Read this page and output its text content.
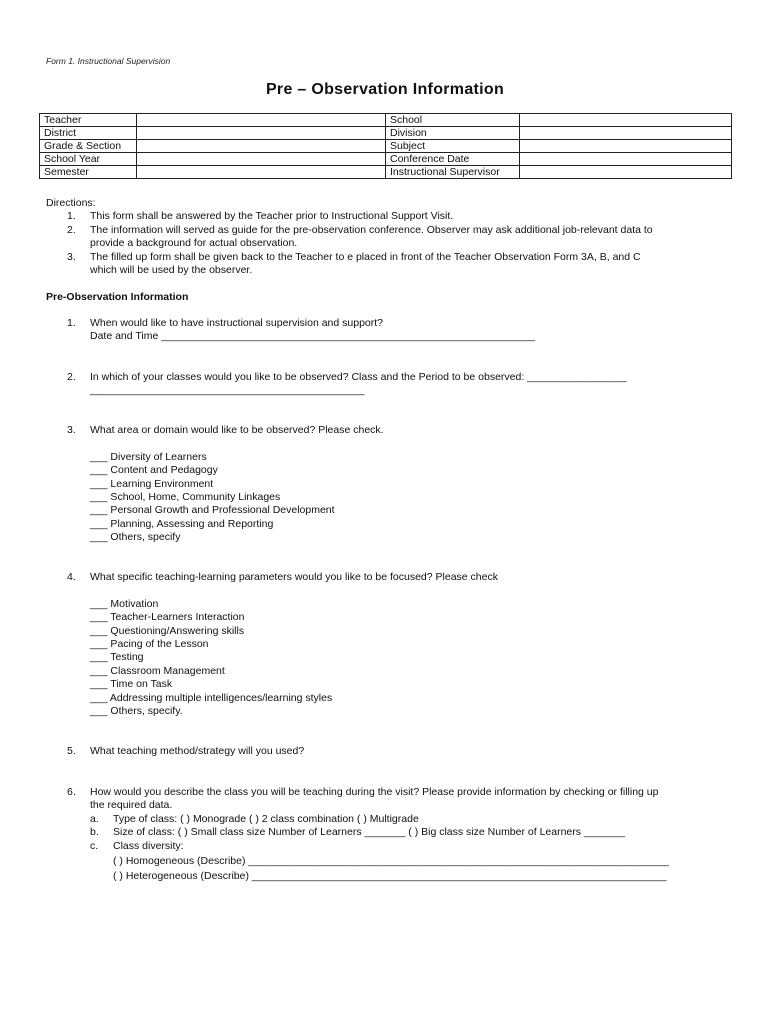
Form 1. Instructional Supervision
Pre – Observation Information
Teacher		School	
District		Division	
Grade & Section		Subject	
School Year		Conference Date	
Semester		Instructional Supervisor	
Directions:
1. This form shall be answered by the Teacher prior to Instructional Support Visit.
2. The information will served as guide for the pre-observation conference. Observer may ask additional job-relevant data to
provide a background for actual observation.
3. The filled up form shall be given back to the Teacher to e placed in front of the Teacher Observation Form 3A, B, and C
which will be used by the observer.
Pre-Observation Information
1. When would like to have instructional supervision and support?
Date and Time ________________________________________________________________
2. In which of your classes would you like to be observed? Class and the Period to be observed: _________________
_______________________________________________
3. What area or domain would like to be observed? Please check.
___ Diversity of Learners
___ Content and Pedagogy
___ Learning Environment
___ School, Home, Community Linkages
___ Personal Growth and Professional Development
___ Planning, Assessing and Reporting
___ Others, specify
4. What specific teaching-learning parameters would you like to be focused? Please check
___ Motivation
___ Teacher-Learners Interaction
___ Questioning/Answering skills
___ Pacing of the Lesson
___ Testing
___ Classroom Management
___ Time on Task
___ Addressing multiple intelligences/learning styles
___ Others, specify.
5. What teaching method/strategy will you used?
6. How would you describe the class you will be teaching during the visit? Please provide information by checking or filling up
the required data.
a. Type of class: ( ) Monograde ( ) 2 class combination ( ) Multigrade
b. Size of class: ( ) Small class size Number of Learners _______ ( ) Big class size Number of Learners _______
c. Class diversity:
( ) Homogeneous (Describe) ________________________________________________________________________
( ) Heterogeneous (Describe) _______________________________________________________________________
